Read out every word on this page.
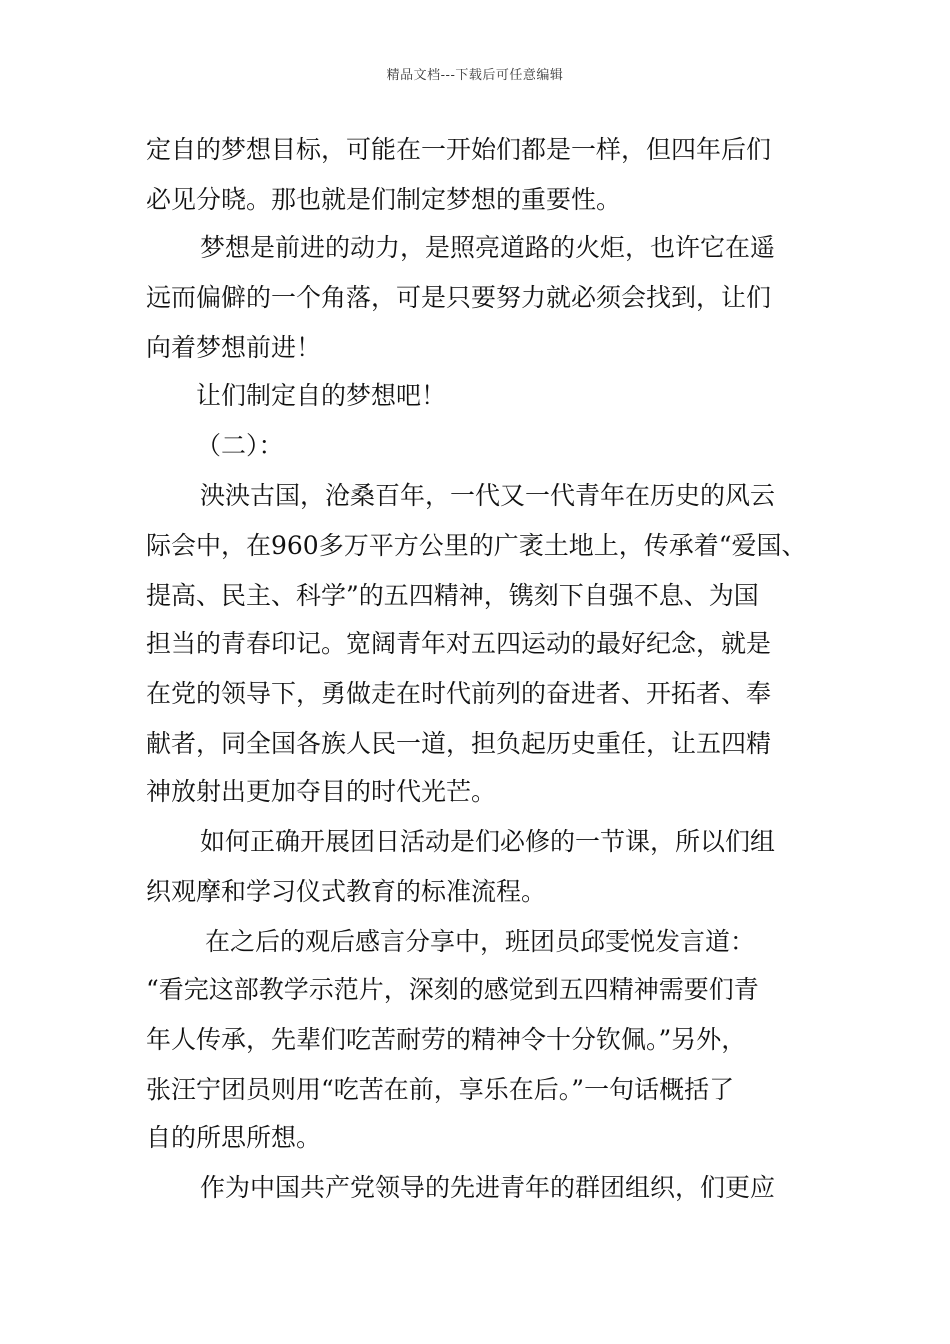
精品文档---下载后可任意编辑
定自的梦想目标，可能在一开始们都是一样，但四年后们
必见分晓。那也就是们制定梦想的重要性。
梦想是前进的动力，是照亮道路的火炬，也许它在遥
远而偏僻的一个角落，可是只要努力就必须会找到，让们
向着梦想前进！
让们制定自的梦想吧！
（二）：
泱泱古国，沧桑百年，一代又一代青年在历史的风云
际会中，在960多万平方公里的广袤土地上，传承着“爱国、
提高、民主、科学”的五四精神，镌刻下自强不息、为国
担当的青春印记。宽阔青年对五四运动的最好纪念，就是
在党的领导下，勇做走在时代前列的奋进者、开拓者、奉
献者，同全国各族人民一道，担负起历史重任，让五四精
神放射出更加夺目的时代光芒。
如何正确开展团日活动是们必修的一节课，所以们组
织观摩和学习仪式教育的标准流程。
在之后的观后感言分享中，班团员邱雯悦发言道：
“看完这部教学示范片，深刻的感觉到五四精神需要们青
年人传承，先辈们吃苦耐劳的精神令十分钦佩。”另外，
张汪宁团员则用“吃苦在前，享乐在后。”一句话概括了
自的所思所想。
作为中国共产党领导的先进青年的群团组织，们更应
